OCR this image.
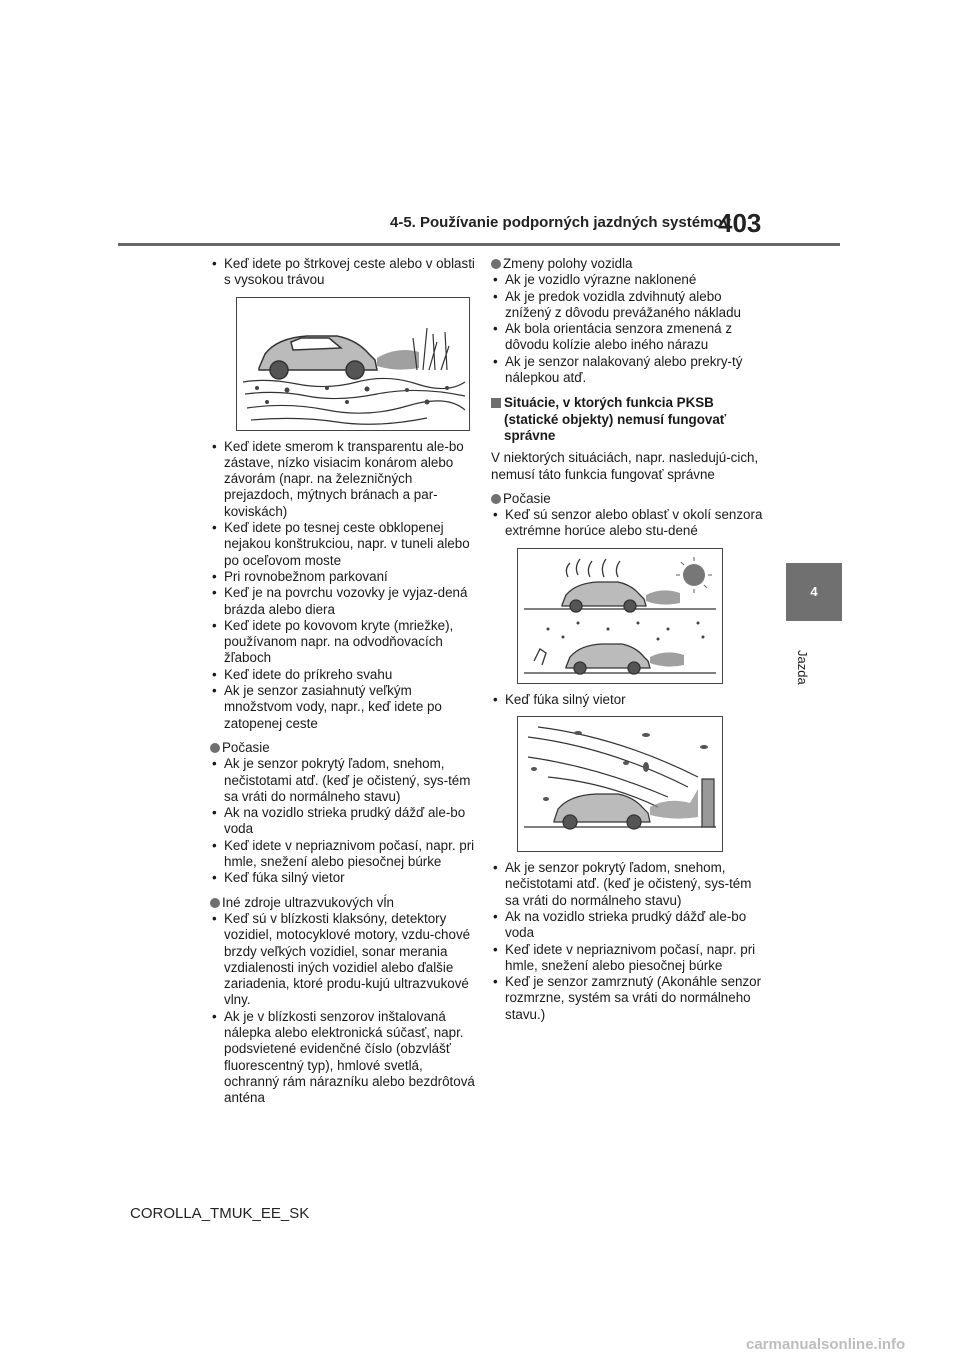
4-5. Používanie podporných jazdných systémov
403
4
Jazda
• Keď idete po štrkovej ceste alebo v oblasti s vysokou trávou
• Keď idete smerom k transparentu ale-bo zástave, nízko visiacim konárom alebo závorám (napr. na železničných prejazdoch, mýtnych bránach a par-koviskách)
• Keď idete po tesnej ceste obklopenej nejakou konštrukciou, napr. v tuneli alebo po oceľovom moste
• Pri rovnobežnom parkovaní
• Keď je na povrchu vozovky je vyjaz-dená brázda alebo diera
• Keď idete po kovovom kryte (mriežke), používanom napr. na odvodňovacích žľaboch
• Keď idete do príkreho svahu
• Ak je senzor zasiahnutý veľkým množstvom vody, napr., keď idete po zatopenej ceste
Počasie
• Ak je senzor pokrytý ľadom, snehom, nečistotami atď. (keď je očistený, sys-tém sa vráti do normálneho stavu)
• Ak na vozidlo strieka prudký dážď ale-bo voda
• Keď idete v nepriaznivom počasí, napr. pri hmle, snežení alebo piesočnej búrke
• Keď fúka silný vietor
Iné zdroje ultrazvukových vĺn
• Keď sú v blízkosti klaksóny, detektory vozidiel, motocyklové motory, vzdu-chové brzdy veľkých vozidiel, sonar merania vzdialenosti iných vozidiel alebo ďalšie zariadenia, ktoré produ-kujú ultrazvukové vlny.
• Ak je v blízkosti senzorov inštalovaná nálepka alebo elektronická súčasť, napr. podsvietené evidenčné číslo (obzvlášť fluorescentný typ), hmlové svetlá, ochranný rám nárazníku alebo bezdrôtová anténa
Zmeny polohy vozidla
• Ak je vozidlo výrazne naklonené
• Ak je predok vozidla zdvihnutý alebo znížený z dôvodu prevážaného nákladu
• Ak bola orientácia senzora zmenená z dôvodu kolízie alebo iného nárazu
• Ak je senzor nalakovaný alebo prekry-tý nálepkou atď.
Situácie, v ktorých funkcia PKSB (statické objekty) nemusí fungovať správne
V niektorých situáciách, napr. nasledujú-cich, nemusí táto funkcia fungovať správne
Počasie
• Keď sú senzor alebo oblasť v okolí senzora extrémne horúce alebo stu-dené
• Keď fúka silný vietor
• Ak je senzor pokrytý ľadom, snehom, nečistotami atď. (keď je očistený, sys-tém sa vráti do normálneho stavu)
• Ak na vozidlo strieka prudký dážď ale-bo voda
• Keď idete v nepriaznivom počasí, napr. pri hmle, snežení alebo piesočnej búrke
• Keď je senzor zamrznutý (Akonáhle senzor rozmrzne, systém sa vráti do normálneho stavu.)
COROLLA_TMUK_EE_SK
carmanualsonline.info
